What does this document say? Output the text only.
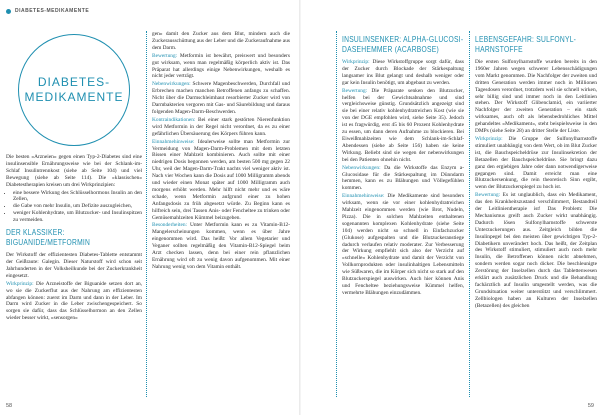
DIABETES-MEDIKAMENTE
DIABETES-
MEDIKAMENTE

Die besten »Arzneien« gegen einen Typ-2-Diabetes sind eine insulinsensible Ernährungsweise wie bei der Schlank-im-Schlaf Insulintrennkost (siehe ab Seite 104) und viel Bewegung (siehe ab Seite 114). Die »klassischen« Diabetestherapien kreisen um drei Wirkprinzipien:

• eine bessere Wirkung des Schlüsselhormons Insulin an den Zellen,
• die Gabe von mehr Insulin, um Defizite auszugleichen,
• weniger Kohlenhydrate, um Blutzucker- und Insulinspitzen zu vermeiden.
DER KLASSIKER:
BIGUANIDE/METFORMIN

Der Wirkstoff der effizientesten Diabetes-Tablette entstammt der Geißraute: Galegin. Dieser Naturstoff wird schon seit Jahrhunderten in der Volksheilkunde bei der Zuckerkrankheit eingesetzt.

Wirkprinzip: Die Arzneistoffe der Biguanide setzen dort an, wo sie die Zuckerflut aus der Nahrung am effizientesten abfangen können: zuerst im Darm und dann in der Leber. Im Darm wird Zucker in die Leber zwischengespeichert. So sorgen sie dafür, dass das Schlüsselhormon an den Zellen wieder besser wirkt, »sensorgen«

gen« damit den Zucker aus dem Blut, mindern auch die Zuckerausschüttung aus der Leber und die Zuckeraufnahme aus dem Darm.

Bewertung: Metformin ist bewährt, preiswert und besonders gut wirksam, wenn man regelmäßig körperlich aktiv ist. Das Präparat hat allerdings einige Nebenwirkungen, weshalb es nicht jeder verträgt.

Nebenwirkungen: Schwere Magenbeschwerden, Durchfall und Erbrechen machen manchen Betroffenen anfangs zu schaffen. Nicht über die Darmschleimhaut resorbierter Zucker wird von Darmbakterien vergoren mit Gas- und Säurebildung und daraus folgenden Magen-Darm-Beschwerden.

Kontraindikationen: Bei einer stark gestörten Nierenfunktion wird Metformin in der Regel nicht verordnet, da es zu einer gefährlichen Übersäuerung des Körpers führen kann.

Einnahmehinweise: Idealerweise sollte man Metformin zur Vermeidung von Magen-Darm-Problemen mit dem letzten Bissen einer Mahlzeit kombinieren. Auch sollte mit einer niedrigen Dosis begonnen werden, am besten 500 mg gegen 22 Uhr, weil der Magen-Darm-Trakt nachts viel weniger aktiv ist. Nach vier Wochen kann die Dosis auf 1000 Milligramm abends und wieder einen Monat später auf 1000 Milligramm auch morgens erhöht werden. Mehr hilft nicht mehr und es wäre schade, wenn Metformin aufgrund einer zu hohen Anfangsdosis zu früh abgesetzt würde. Zu Beginn kann es hilfreich sein, drei Tassen Anis- oder Fencheltee zu trinken oder Gemüsemahlzeiten Kümmel beizugeben.

Besonderheiten: Unter Metformin kann es zu Vitamin-B12-Mangelerscheinungen kommen, wenn es über Jahre eingenommen wird. Das heißt: Vor allem Vegetarier und Veganer sollten regelmäßig den Vitamin-B12-Spiegel beim Arzt checken lassen, denn bei einer rein pflanzlichen Ernährung wird oft zu wenig davon aufgenommen. Mit einer Nahrung wenig von dem Vitamin enthält.

58
INSULINSENKER: ALPHA-GLUCOSI-
DASEHEMMER (ACARBOSE)

Wirkprinzip: Diese Wirkstoffgruppe sorgt dafür, dass der Zucker durch Blockade der Stärkespaltung langsamer ins Blut gelangt und deshalb weniger oder gar kein Insulin benötigt, um abgebaut zu werden.

Bewertung: Die Präparate senken den Blutzucker, helfen bei der Gewichtsabnahme und sind vergleichsweise günstig. Grundsätzlich angezeigt sind sie bei einer relativ kohlenhydratreichen Kost (wie sie von der DGE empfohlen wird, siehe Seite 35). Jedoch ist es fragwürdig, erst 45 bis 60 Prozent Kohlenhydrate zu essen, um dann deren Aufnahme zu blockieren. Bei Eiweißmahlzeiten wie dem Schlank-im-Schlaf-Abendessen (siehe ab Seite 156) haben sie keine Wirkung. Beliebt sind sie wegen der nebenwirkungen bei den Patienten ohnehin nicht.

Nebenwirkungen: Da die Wirkstoffe das Enzym a-Glucosidase für die Stärkespaltung im Dünndarm hemmen, kann es zu Blähungen und Völlegefühlen kommen.

Einnahmehinweise: Die Medikamente sind besonders wirksam, wenn sie vor einer kohlenhydratreichen Mahlzeit eingenommen werden (wie Brot, Nudeln, Pizza). Die in solchen Mahlzeiten enthaltenen sogenannten komplexen Kohlenhydrate (siehe Seite 104) werden nicht so schnell in Einfachzucker (Glukose) aufgespalten und die Blutzuckeranstiege dadurch verlaufen relativ moderater. Zur Verbesserung der Wirkung empfiehlt sich also der Verzicht auf »schnelle« Kohlenhydrate und damit der Verzicht von Vollkornprodukten oder insulinhaltigen Lebensmitteln wie Süßwaren, die im Körper sich nicht so stark auf den Blutzuckerspiegel auswirken. Auch hier können Anis und Fencheltee beziehungsweise Kümmel helfen, vermehrte Blähungen einzudämmen.

LEBENSGEFAHR: SULFONYL-
HARNSTOFFE

Die ersten Sulfonylharnstoffe wurden bereits in den 1960er Jahren wegen schwerer Lebensschädigungen vom Markt genommen. Die Nachfolger der zweiten und dritten Generation werden immer noch in Millionen Tagesdosen verordnet, trotzdem weil sie schnell wirken, sehr billig sind und immer noch in den Leitlinien stehen. Der Wirkstoff Glibenclamid, ein variierter Nachfolger der zweiten Generation – ein stark wirksames, auch oft als lebensbedrohliches Mittel gehandeltes »Medikament«, steht beispielsweise in den DMPs (siehe Seite 28) an dritter Stelle der Liste.

Wirkprinzip: Die Gruppe der Sulfonylharnstoffe stimuliert unabhängig von dem Wert, ob im Blut Zucker ist, die Bauchspeicheldrüse zur Insulinsekretion der Betazellen der Bauchspeicheldrüse. Sie bringt dazu ganz den ergiebigen Jahre oder dann notwendigerweise gegangen sind. Damit erreicht man eine Blutzuckersenkung, die rein theoretisch Sinn ergibt, wenn der Blutzuckerspiegel zu hoch ist.

Bewertung: Es ist unglaublich, dass ein Medikament, das den Krankheitszustand verschlimmert, Bestandteil der Leitlinientherapie ist! Das Problem: Die Mechanismus greift auch Zucker wirkt unabhängig. Dadurch lösen Sulfonylharnstoffe schwerste Unterzuckerungen aus. Zeitgleich bilden die Insulinpegel bei den meisten über gewichtigen Typ-2-Diabetikern unverändert hoch. Das heißt, der Zeitplan des Wirkstoff stimuliert, stimuliert auch noch mehr Insulin, die Betroffenen können nicht abnehmen, sondern werden sogar noch dicker. Die beschleunigte Zerstörung der Inselzellen durch das Tablettenwesen erklärt auch zusätzlichen Druck und die Behandlung fachärztlich auf Insulin umgestellt werden, was die Grundsituation weiter unterstützt und verschlimmert. Zellbiologen haben an Kulturen der Inselzellen (Betazellen) des gleichen

59
